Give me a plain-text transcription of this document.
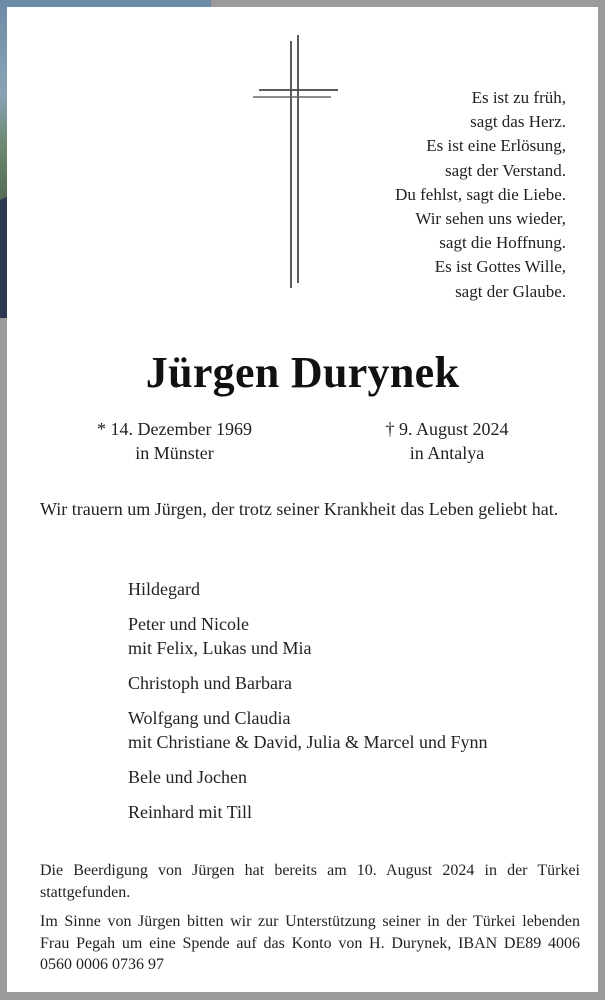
Es ist zu früh,
sagt das Herz.
Es ist eine Erlösung,
sagt der Verstand.
Du fehlst, sagt die Liebe.
Wir sehen uns wieder,
sagt die Hoffnung.
Es ist Gottes Wille,
sagt der Glaube.
Jürgen Durynek
* 14. Dezember 1969
in Münster
† 9. August 2024
in Antalya
Wir trauern um Jürgen, der trotz seiner Krankheit das Leben geliebt hat.
Hildegard
Peter und Nicole
mit Felix, Lukas und Mia
Christoph und Barbara
Wolfgang und Claudia
mit Christiane & David, Julia & Marcel und Fynn
Bele und Jochen
Reinhard mit Till

Die Beerdigung von Jürgen hat bereits am 10. August 2024 in der Türkei stattgefunden.

Im Sinne von Jürgen bitten wir zur Unterstützung seiner in der Türkei lebenden Frau Pegah um eine Spende auf das Konto von H. Durynek, IBAN DE89 4006 0560 0006 0736 97
